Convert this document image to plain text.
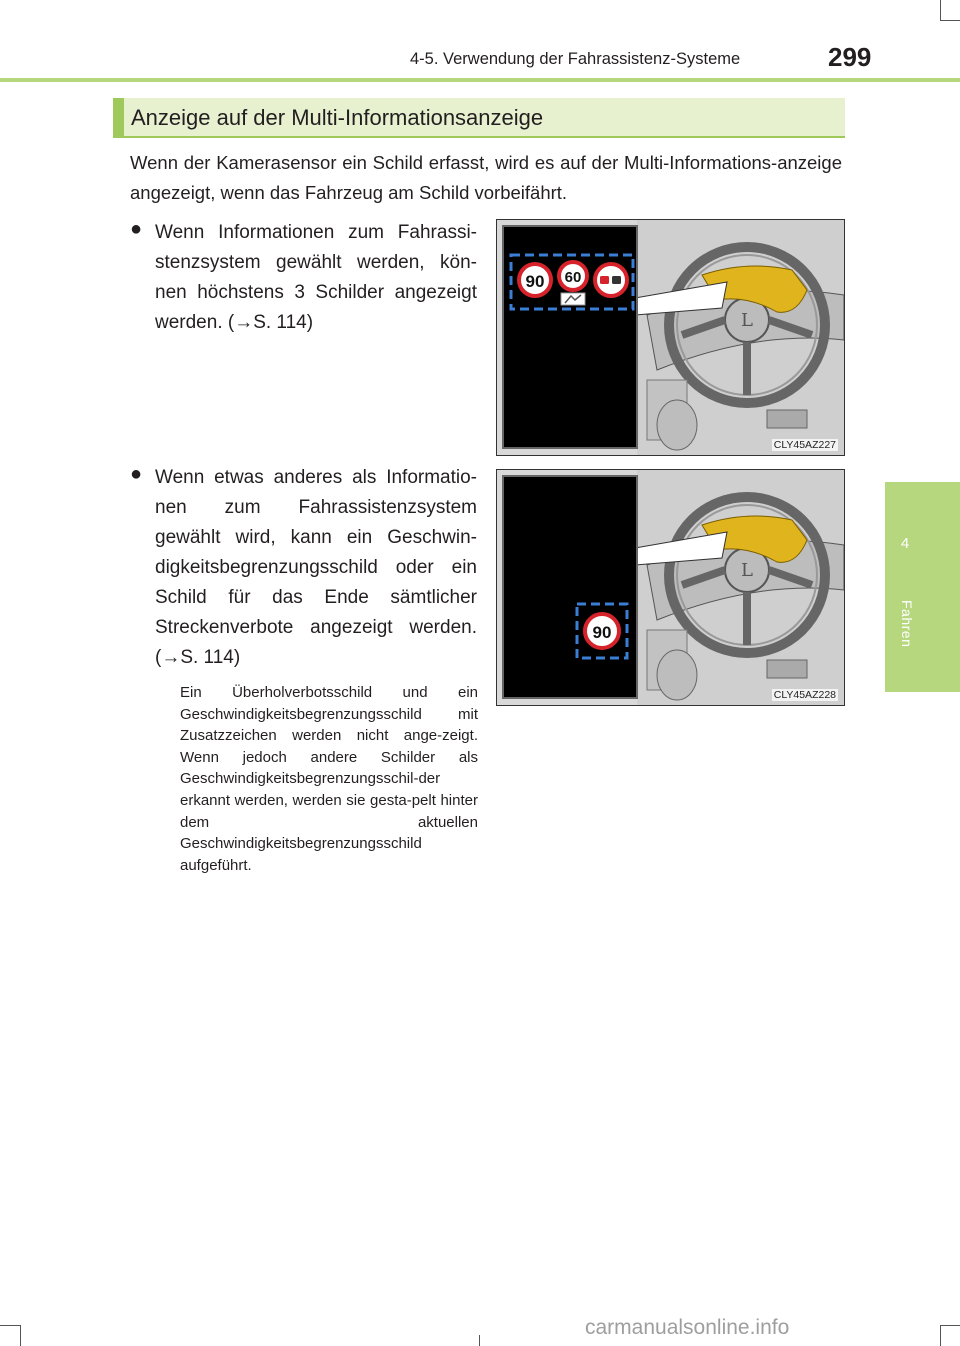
4-5. Verwendung der Fahrassistenz-Systeme	299
4
Fahren
Anzeige auf der Multi-Informationsanzeige
Wenn der Kamerasensor ein Schild erfasst, wird es auf der Multi-Informations-anzeige angezeigt, wenn das Fahrzeug am Schild vorbeifährt.
● Wenn Informationen zum Fahrassi-stenzsystem gewählt werden, kön-nen höchstens 3 Schilder angezeigt werden. (→S. 114)
● Wenn etwas anderes als Informatio-nen zum Fahrassistenzsystem gewählt wird, kann ein Geschwin-digkeitsbegrenzungsschild oder ein Schild für das Ende sämtlicher Streckenverbote angezeigt werden. (→S. 114)
Ein Überholverbotsschild und ein Geschwindigkeitsbegrenzungsschild mit Zusatzzeichen werden nicht ange-zeigt. Wenn jedoch andere Schilder als Geschwindigkeitsbegrenzungsschil-der erkannt werden, werden sie gesta-pelt hinter dem aktuellen Geschwindigkeitsbegrenzungsschild aufgeführt.
L
90 60
CLY45AZ227
L
90
CLY45AZ228
carmanualsonline.info
